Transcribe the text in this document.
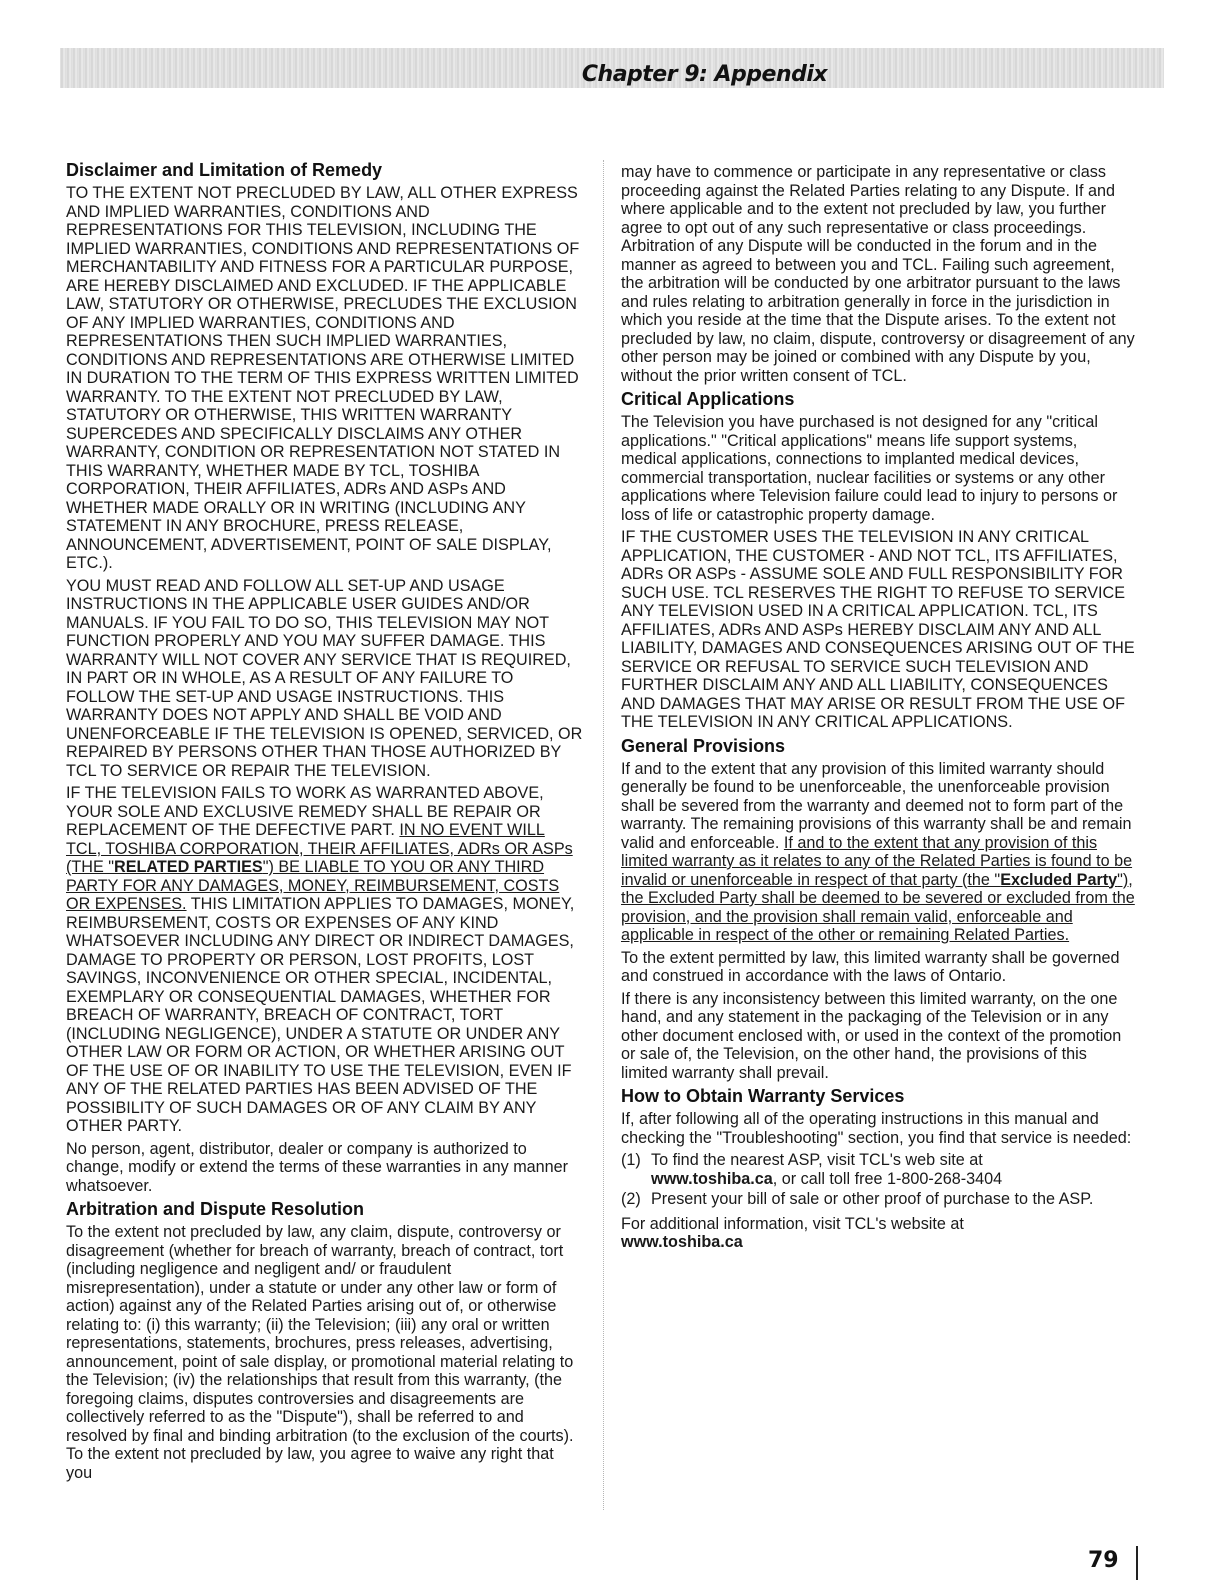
Chapter 9: Appendix
Disclaimer and Limitation of Remedy

TO THE EXTENT NOT PRECLUDED BY LAW, ALL OTHER EXPRESS AND IMPLIED WARRANTIES, CONDITIONS AND REPRESENTATIONS FOR THIS TELEVISION, INCLUDING THE IMPLIED WARRANTIES, CONDITIONS AND REPRESENTATIONS OF MERCHANTABILITY AND FITNESS FOR A PARTICULAR PURPOSE, ARE HEREBY DISCLAIMED AND EXCLUDED. IF THE APPLICABLE LAW, STATUTORY OR OTHERWISE, PRECLUDES THE EXCLUSION OF ANY IMPLIED WARRANTIES, CONDITIONS AND REPRESENTATIONS THEN SUCH IMPLIED WARRANTIES, CONDITIONS AND REPRESENTATIONS ARE OTHERWISE LIMITED IN DURATION TO THE TERM OF THIS EXPRESS WRITTEN LIMITED WARRANTY. TO THE EXTENT NOT PRECLUDED BY LAW, STATUTORY OR OTHERWISE, THIS WRITTEN WARRANTY SUPERCEDES AND SPECIFICALLY DISCLAIMS ANY OTHER WARRANTY, CONDITION OR REPRESENTATION NOT STATED IN THIS WARRANTY, WHETHER MADE BY TCL, TOSHIBA CORPORATION, THEIR AFFILIATES, ADRs AND ASPs AND WHETHER MADE ORALLY OR IN WRITING (INCLUDING ANY STATEMENT IN ANY BROCHURE, PRESS RELEASE, ANNOUNCEMENT, ADVERTISEMENT, POINT OF SALE DISPLAY, ETC.).

YOU MUST READ AND FOLLOW ALL SET-UP AND USAGE INSTRUCTIONS IN THE APPLICABLE USER GUIDES AND/OR MANUALS. IF YOU FAIL TO DO SO, THIS TELEVISION MAY NOT FUNCTION PROPERLY AND YOU MAY SUFFER DAMAGE. THIS WARRANTY WILL NOT COVER ANY SERVICE THAT IS REQUIRED, IN PART OR IN WHOLE, AS A RESULT OF ANY FAILURE TO FOLLOW THE SET-UP AND USAGE INSTRUCTIONS. THIS WARRANTY DOES NOT APPLY AND SHALL BE VOID AND UNENFORCEABLE IF THE TELEVISION IS OPENED, SERVICED, OR REPAIRED BY PERSONS OTHER THAN THOSE AUTHORIZED BY TCL TO SERVICE OR REPAIR THE TELEVISION.

IF THE TELEVISION FAILS TO WORK AS WARRANTED ABOVE, YOUR SOLE AND EXCLUSIVE REMEDY SHALL BE REPAIR OR REPLACEMENT OF THE DEFECTIVE PART. IN NO EVENT WILL TCL, TOSHIBA CORPORATION, THEIR AFFILIATES, ADRs OR ASPs (THE "RELATED PARTIES") BE LIABLE TO YOU OR ANY THIRD PARTY FOR ANY DAMAGES, MONEY, REIMBURSEMENT, COSTS OR EXPENSES. THIS LIMITATION APPLIES TO DAMAGES, MONEY, REIMBURSEMENT, COSTS OR EXPENSES OF ANY KIND WHATSOEVER INCLUDING ANY DIRECT OR INDIRECT DAMAGES, DAMAGE TO PROPERTY OR PERSON, LOST PROFITS, LOST SAVINGS, INCONVENIENCE OR OTHER SPECIAL, INCIDENTAL, EXEMPLARY OR CONSEQUENTIAL DAMAGES, WHETHER FOR BREACH OF WARRANTY, BREACH OF CONTRACT, TORT (INCLUDING NEGLIGENCE), UNDER A STATUTE OR UNDER ANY OTHER LAW OR FORM OR ACTION, OR WHETHER ARISING OUT OF THE USE OF OR INABILITY TO USE THE TELEVISION, EVEN IF ANY OF THE RELATED PARTIES HAS BEEN ADVISED OF THE POSSIBILITY OF SUCH DAMAGES OR OF ANY CLAIM BY ANY OTHER PARTY.

No person, agent, distributor, dealer or company is authorized to change, modify or extend the terms of these warranties in any manner whatsoever.

Arbitration and Dispute Resolution

To the extent not precluded by law, any claim, dispute, controversy or disagreement (whether for breach of warranty, breach of contract, tort (including negligence and negligent and/ or fraudulent misrepresentation), under a statute or under any other law or form of action) against any of the Related Parties arising out of, or otherwise relating to: (i) this warranty; (ii) the Television; (iii) any oral or written representations, statements, brochures, press releases, advertising, announcement, point of sale display, or promotional material relating to the Television; (iv) the relationships that result from this warranty, (the foregoing claims, disputes controversies and disagreements are collectively referred to as the "Dispute"), shall be referred to and resolved by final and binding arbitration (to the exclusion of the courts). To the extent not precluded by law, you agree to waive any right that you

may have to commence or participate in any representative or class proceeding against the Related Parties relating to any Dispute. If and where applicable and to the extent not precluded by law, you further agree to opt out of any such representative or class proceedings. Arbitration of any Dispute will be conducted in the forum and in the manner as agreed to between you and TCL. Failing such agreement, the arbitration will be conducted by one arbitrator pursuant to the laws and rules relating to arbitration generally in force in the jurisdiction in which you reside at the time that the Dispute arises. To the extent not precluded by law, no claim, dispute, controversy or disagreement of any other person may be joined or combined with any Dispute by you, without the prior written consent of TCL.

Critical Applications

The Television you have purchased is not designed for any "critical applications." "Critical applications" means life support systems, medical applications, connections to implanted medical devices, commercial transportation, nuclear facilities or systems or any other applications where Television failure could lead to injury to persons or loss of life or catastrophic property damage.

IF THE CUSTOMER USES THE TELEVISION IN ANY CRITICAL APPLICATION, THE CUSTOMER - AND NOT TCL, ITS AFFILIATES, ADRs OR ASPs - ASSUME SOLE AND FULL RESPONSIBILITY FOR SUCH USE. TCL RESERVES THE RIGHT TO REFUSE TO SERVICE ANY TELEVISION USED IN A CRITICAL APPLICATION. TCL, ITS AFFILIATES, ADRs AND ASPs HEREBY DISCLAIM ANY AND ALL LIABILITY, DAMAGES AND CONSEQUENCES ARISING OUT OF THE SERVICE OR REFUSAL TO SERVICE SUCH TELEVISION AND FURTHER DISCLAIM ANY AND ALL LIABILITY, CONSEQUENCES AND DAMAGES THAT MAY ARISE OR RESULT FROM THE USE OF THE TELEVISION IN ANY CRITICAL APPLICATIONS.

General Provisions

If and to the extent that any provision of this limited warranty should generally be found to be unenforceable, the unenforceable provision shall be severed from the warranty and deemed not to form part of the warranty. The remaining provisions of this warranty shall be and remain valid and enforceable. If and to the extent that any provision of this limited warranty as it relates to any of the Related Parties is found to be invalid or unenforceable in respect of that party (the "Excluded Party"), the Excluded Party shall be deemed to be severed or excluded from the provision, and the provision shall remain valid, enforceable and applicable in respect of the other or remaining Related Parties.

To the extent permitted by law, this limited warranty shall be governed and construed in accordance with the laws of Ontario.

If there is any inconsistency between this limited warranty, on the one hand, and any statement in the packaging of the Television or in any other document enclosed with, or used in the context of the promotion or sale of, the Television, on the other hand, the provisions of this limited warranty shall prevail.

How to Obtain Warranty Services

If, after following all of the operating instructions in this manual and checking the "Troubleshooting" section, you find that service is needed:

(1) To find the nearest ASP, visit TCL's web site at
www.toshiba.ca, or call toll free 1-800-268-3404
(2) Present your bill of sale or other proof of purchase to the ASP.

For additional information, visit TCL's website at
www.toshiba.ca

79
